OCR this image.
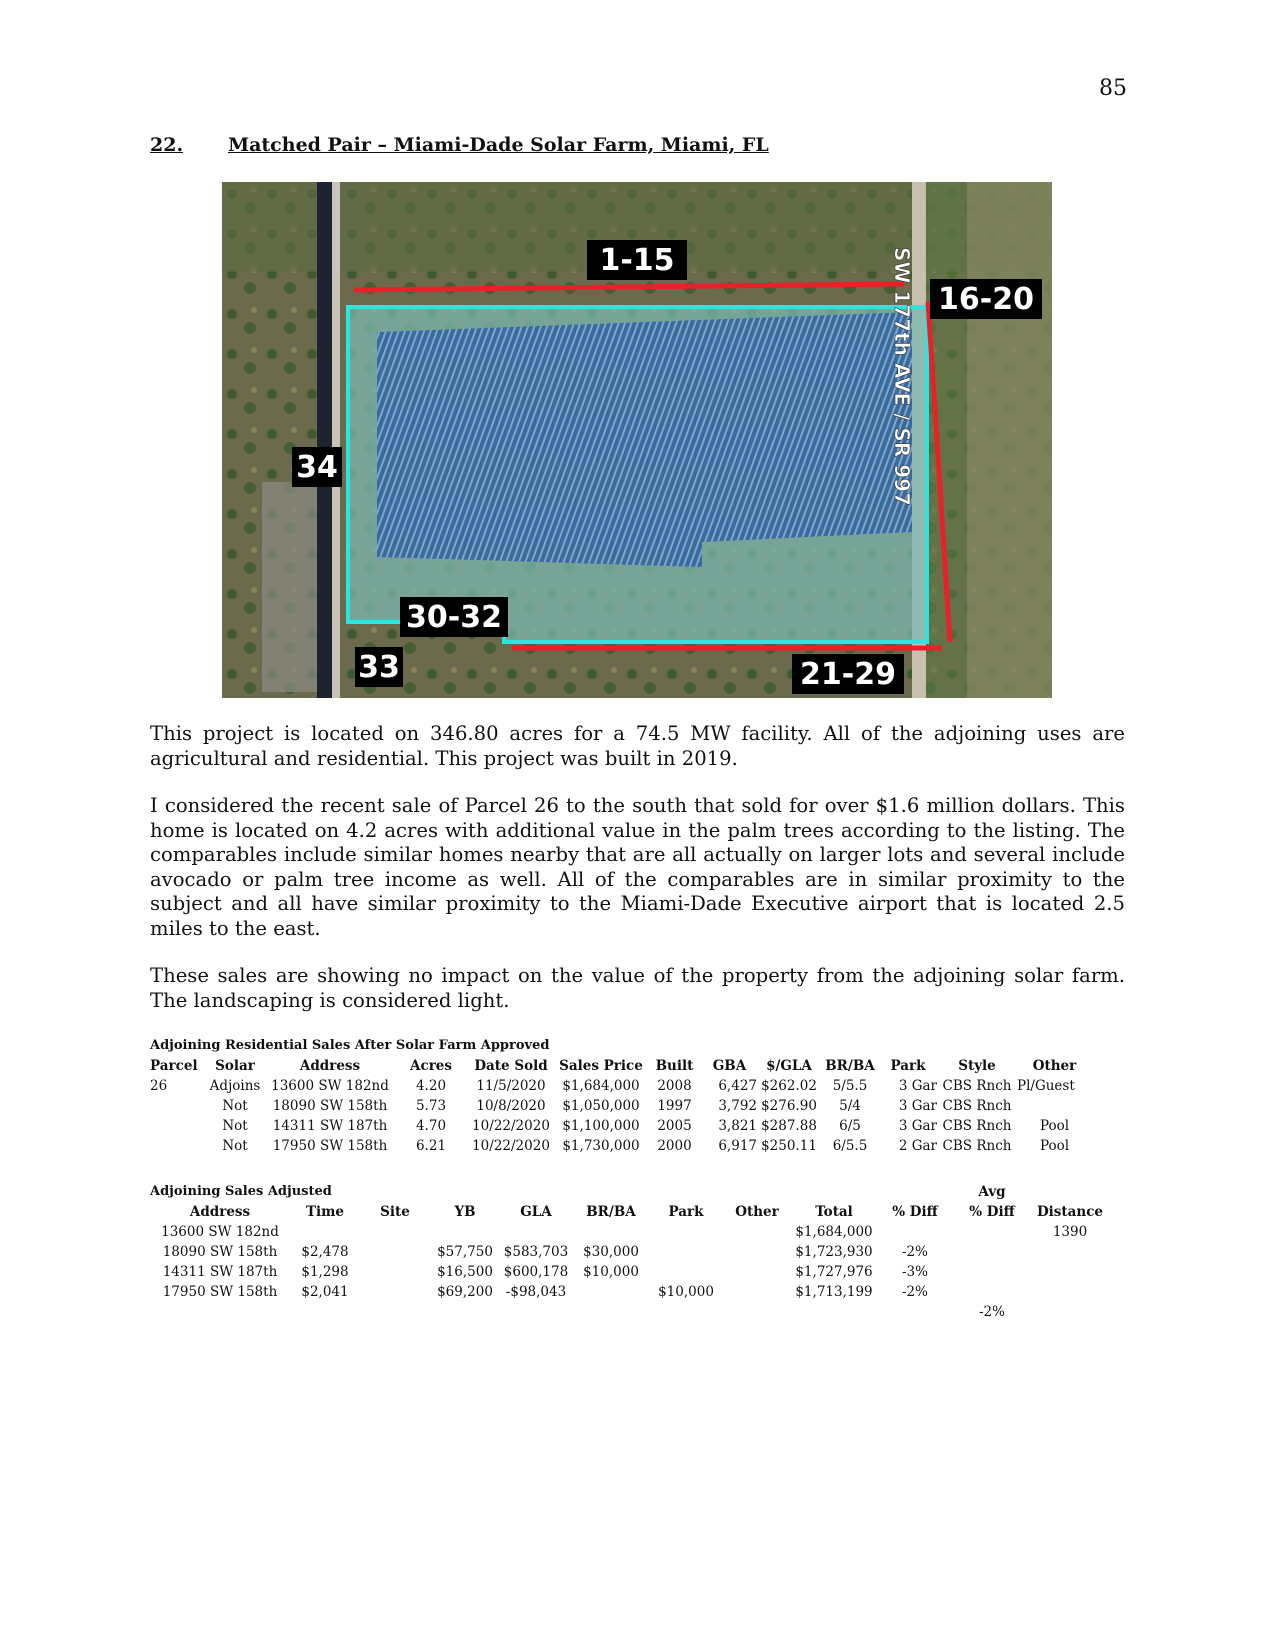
85
22. Matched Pair – Miami-Dade Solar Farm, Miami, FL
1-15
16-20
34
30-32
33	21-29
SW 177th AVE / SR 997

This project is located on 346.80 acres for a 74.5 MW facility. All of the adjoining uses are agricultural and residential. This project was built in 2019.

I considered the recent sale of Parcel 26 to the south that sold for over $1.6 million dollars. This home is located on 4.2 acres with additional value in the palm trees according to the listing. The comparables include similar homes nearby that are all actually on larger lots and several include avocado or palm tree income as well. All of the comparables are in similar proximity to the subject and all have similar proximity to the Miami-Dade Executive airport that is located 2.5 miles to the east.

These sales are showing no impact on the value of the property from the adjoining solar farm. The landscaping is considered light.

Adjoining Residential Sales After Solar Farm Approved
Parcel	Solar	Address	Acres	Date Sold	Sales Price	Built	GBA	$/GLA	BR/BA	Park	Style	Other
26	Adjoins	13600 SW 182nd	4.20	11/5/2020	$1,684,000	2008	6,427	$262.02	5/5.5	3 Gar	CBS Rnch	Pl/Guest
	Not	18090 SW 158th	5.73	10/8/2020	$1,050,000	1997	3,792	$276.90	5/4	3 Gar	CBS Rnch	
	Not	14311 SW 187th	4.70	10/22/2020	$1,100,000	2005	3,821	$287.88	6/5	3 Gar	CBS Rnch	Pool
	Not	17950 SW 158th	6.21	10/22/2020	$1,730,000	2000	6,917	$250.11	6/5.5	2 Gar	CBS Rnch	Pool
Adjoining Sales Adjusted										Avg	
Address	Time	Site	YB	GLA	BR/BA	Park	Other	Total	% Diff	% Diff	Distance
13600 SW 182nd								$1,684,000			1390
18090 SW 158th	$2,478		$57,750	$583,703	$30,000			$1,723,930	-2%		
14311 SW 187th	$1,298		$16,500	$600,178	$10,000			$1,727,976	-3%		
17950 SW 158th	$2,041		$69,200	-$98,043		$10,000		$1,713,199	-2%		
										-2%	
